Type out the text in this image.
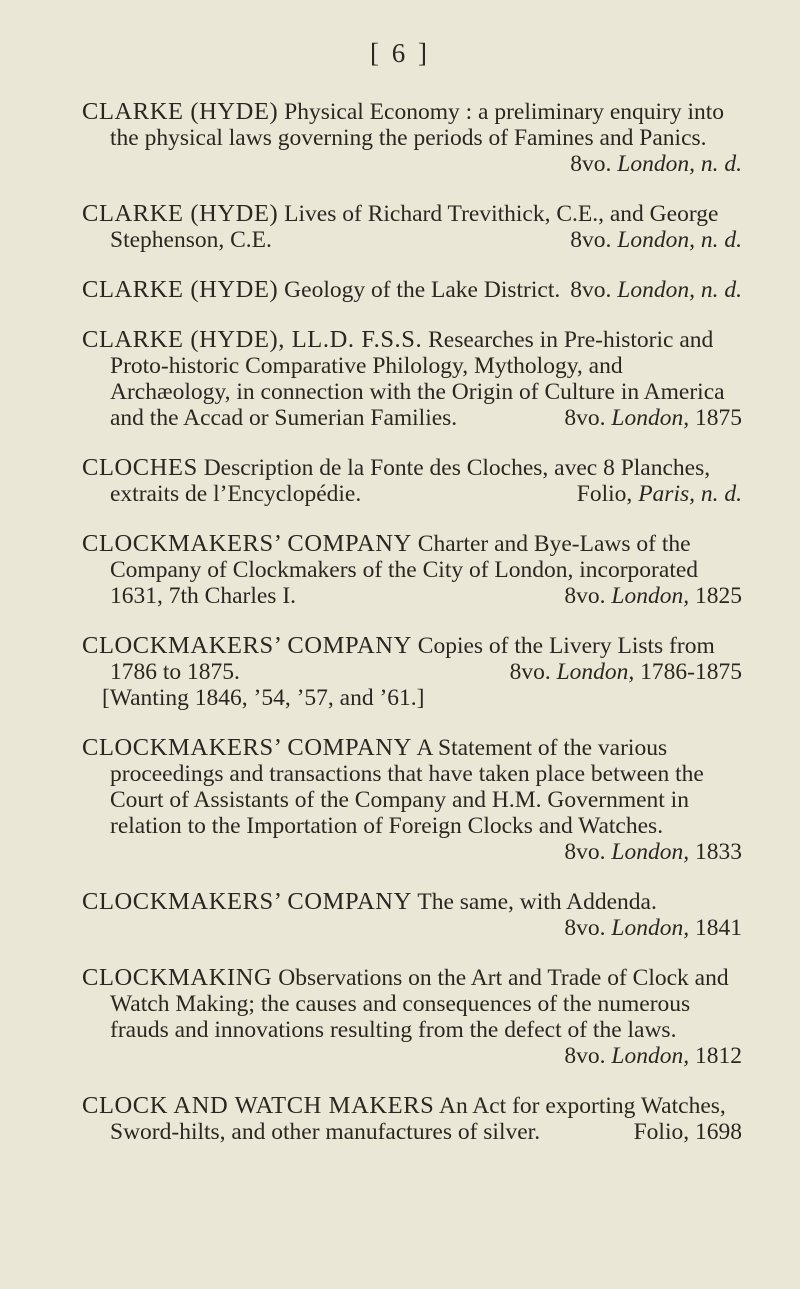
[ 6 ]
CLARKE (HYDE) Physical Economy : a preliminary enquiry into the physical laws governing the periods of Famines and Panics.
8vo. London, n. d.
CLARKE (HYDE) Lives of Richard Trevithick, C.E., and George Stephenson, C.E.	8vo. London, n. d.
CLARKE (HYDE) Geology of the Lake District. 8vo. London, n. d.
CLARKE (HYDE), LL.D. F.S.S. Researches in Pre-historic and Proto-historic Comparative Philology, Mythology, and Archæology, in connection with the Origin of Culture in America and the Accad or Sumerian Families.	8vo. London, 1875
CLOCHES Description de la Fonte des Cloches, avec 8 Planches, extraits de l’Encyclopédie.	Folio, Paris, n. d.
CLOCKMAKERS’ COMPANY Charter and Bye-Laws of the Company of Clockmakers of the City of London, incorporated 1631, 7th Charles I.	8vo. London, 1825
CLOCKMAKERS’ COMPANY Copies of the Livery Lists from 1786 to 1875.	8vo. London, 1786-1875
[Wanting 1846, ’54, ’57, and ’61.]
CLOCKMAKERS’ COMPANY A Statement of the various proceedings and transactions that have taken place between the Court of Assistants of the Company and H.M. Government in relation to the Importation of Foreign Clocks and Watches.
8vo. London, 1833
CLOCKMAKERS’ COMPANY The same, with Addenda.
8vo. London, 1841
CLOCKMAKING Observations on the Art and Trade of Clock and Watch Making; the causes and consequences of the numerous frauds and innovations resulting from the defect of the laws.
8vo. London, 1812
CLOCK AND WATCH MAKERS An Act for exporting Watches, Sword-hilts, and other manufactures of silver.	Folio, 1698
